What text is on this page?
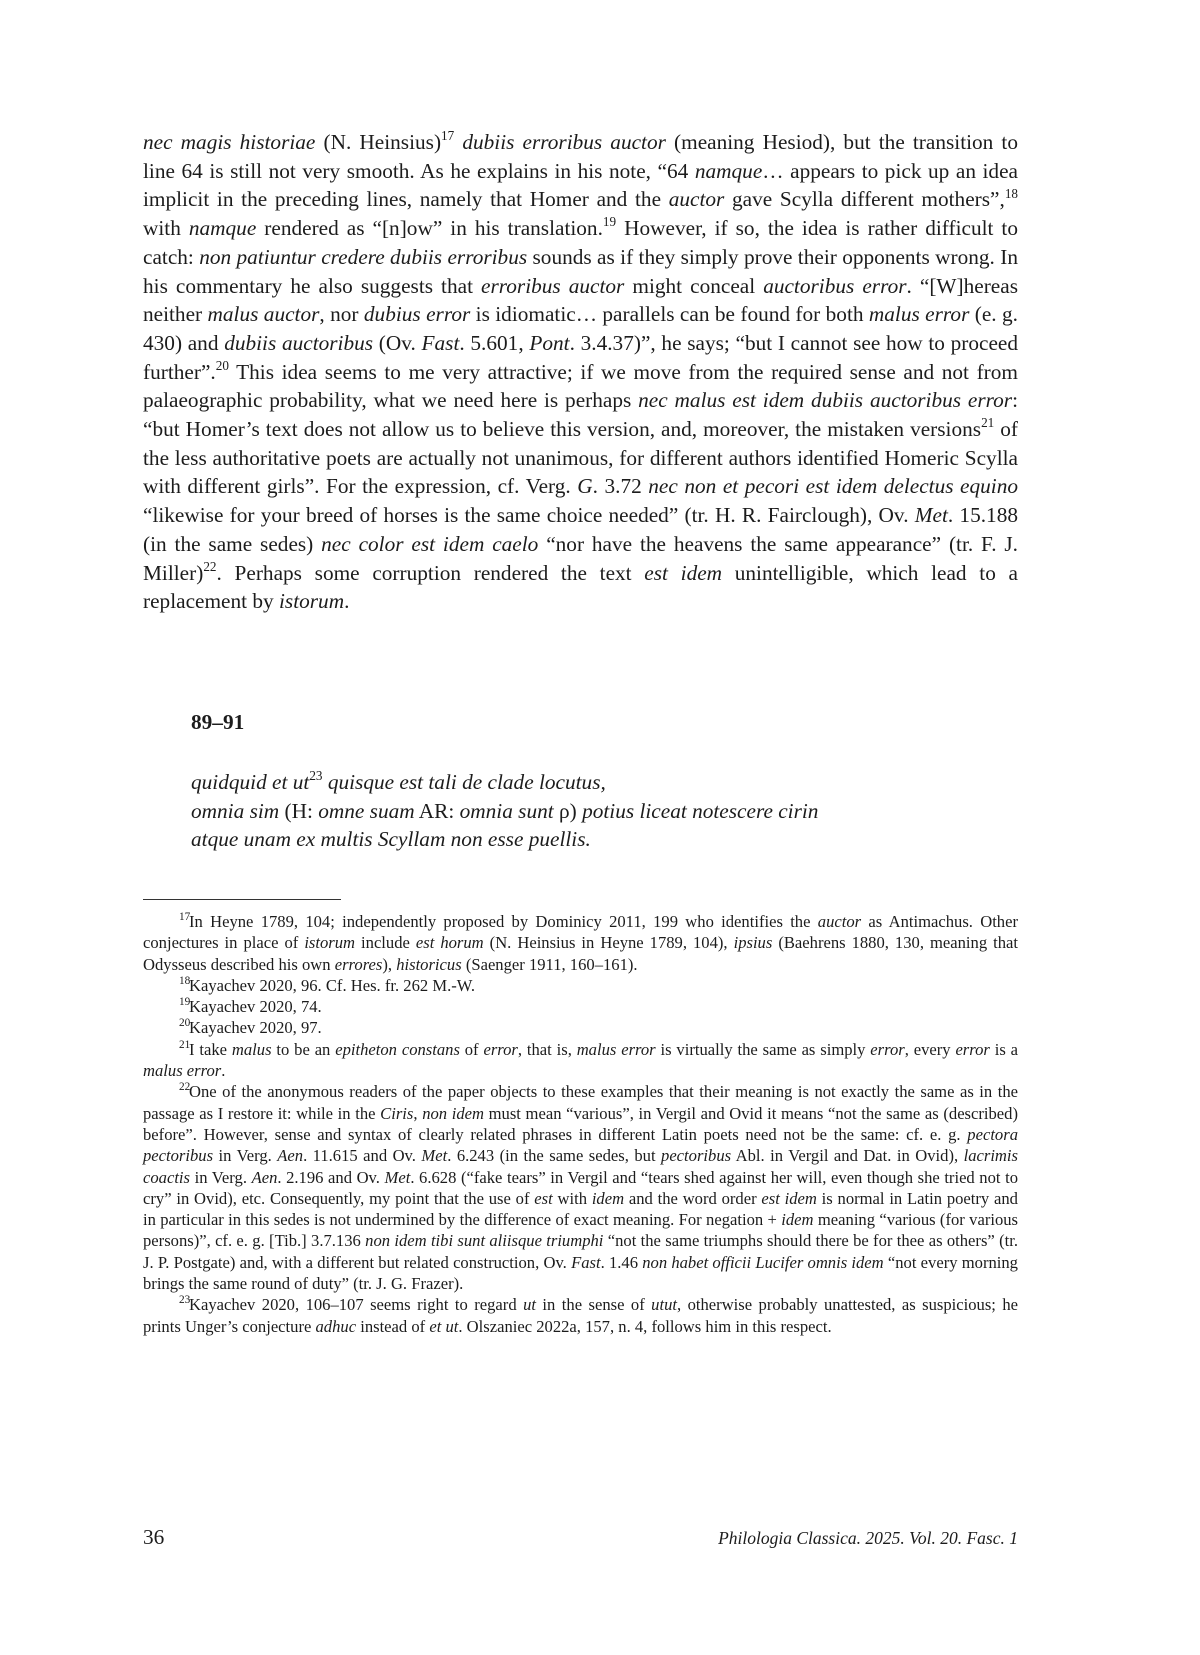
nec magis historiae (N. Heinsius)$^{17}$ dubiis erroribus auctor (meaning Hesiod), but the transition to line 64 is still not very smooth. As he explains in his note, “64 namque… appears to pick up an idea implicit in the preceding lines, namely that Homer and the auctor gave Scylla different mothers”,$^{18}$ with namque rendered as “[n]ow” in his translation.$^{19}$ However, if so, the idea is rather difficult to catch: non patiuntur credere dubiis erroribus sounds as if they simply prove their opponents wrong. In his commentary he also suggests that erroribus auctor might conceal auctoribus error. “[W]hereas neither malus auctor, nor dubius error is idiomatic… parallels can be found for both malus error (e. g. 430) and dubiis auctoribus (Ov. Fast. 5.601, Pont. 3.4.37)”, he says; “but I cannot see how to proceed further”.$^{20}$ This idea seems to me very attractive; if we move from the required sense and not from palaeographic probability, what we need here is perhaps nec malus est idem dubiis auctoribus error: “but Homer’s text does not allow us to believe this version, and, moreover, the mistaken versions$^{21}$ of the less authoritative poets are actually not unanimous, for different authors identified Homeric Scylla with different girls”. For the expression, cf. Verg. G. 3.72 nec non et pecori est idem delectus equino “likewise for your breed of horses is the same choice needed” (tr. H. R. Fairclough), Ov. Met. 15.188 (in the same sedes) nec color est idem caelo “nor have the heavens the same appearance” (tr. F. J. Miller)$^{22}$. Perhaps some corruption rendered the text est idem unintelligible, which lead to a replacement by istorum.

89–91
quidquid et $ut^{23}$ quisque est tali de clade locutus,
omnia sim (H: omne suam AR: omnia sunt ρ) potius liceat notescere cirin
atque unam ex multis Scyllam non esse puellis.

17
In Heyne 1789, 104; independently proposed by Dominicy 2011, 199 who identifies the auctor as Antimachus. Other conjectures in place of istorum include est horum (N. Heinsius in Heyne 1789, 104), ipsius (Baehrens 1880, 130, meaning that Odysseus described his own errores), historicus (Saenger 1911, 160–161).

18
Kayachev 2020, 96. Cf. Hes. fr. 262 M.-W.

19
Kayachev 2020, 74.

20
Kayachev 2020, 97.

21
I take malus to be an epitheton constans of error, that is, malus error is virtually the same as simply error, every error is a malus error.

22
One of the anonymous readers of the paper objects to these examples that their meaning is not exactly the same as in the passage as I restore it: while in the Ciris, non idem must mean “various”, in Vergil and Ovid it means “not the same as (described) before”. However, sense and syntax of clearly related phrases in different Latin poets need not be the same: cf. e. g. pectora pectoribus in Verg. Aen. 11.615 and Ov. Met. 6.243 (in the same sedes, but pectoribus Abl. in Vergil and Dat. in Ovid), lacrimis coactis in Verg. Aen. 2.196 and Ov. Met. 6.628 (“fake tears” in Vergil and “tears shed against her will, even though she tried not to cry” in Ovid), etc. Consequently, my point that the use of est with idem and the word order est idem is normal in Latin poetry and in particular in this sedes is not undermined by the difference of exact meaning. For negation + idem meaning “various (for various persons)”, cf. e. g. [Tib.] 3.7.136 non idem tibi sunt aliisque triumphi “not the same triumphs should there be for thee as others” (tr. J. P. Postgate) and, with a different but related construction, Ov. Fast. 1.46 non habet officii Lucifer omnis idem “not every morning brings the same round of duty” (tr. J. G. Frazer).

23
Kayachev 2020, 106–107 seems right to regard ut in the sense of utut, otherwise probably unattested, as suspicious; he prints Unger’s conjecture adhuc instead of et ut. Olszaniec 2022a, 157, n. 4, follows him in this respect.

36	Philologia Classica. 2025. Vol. 20. Fasc. 1
